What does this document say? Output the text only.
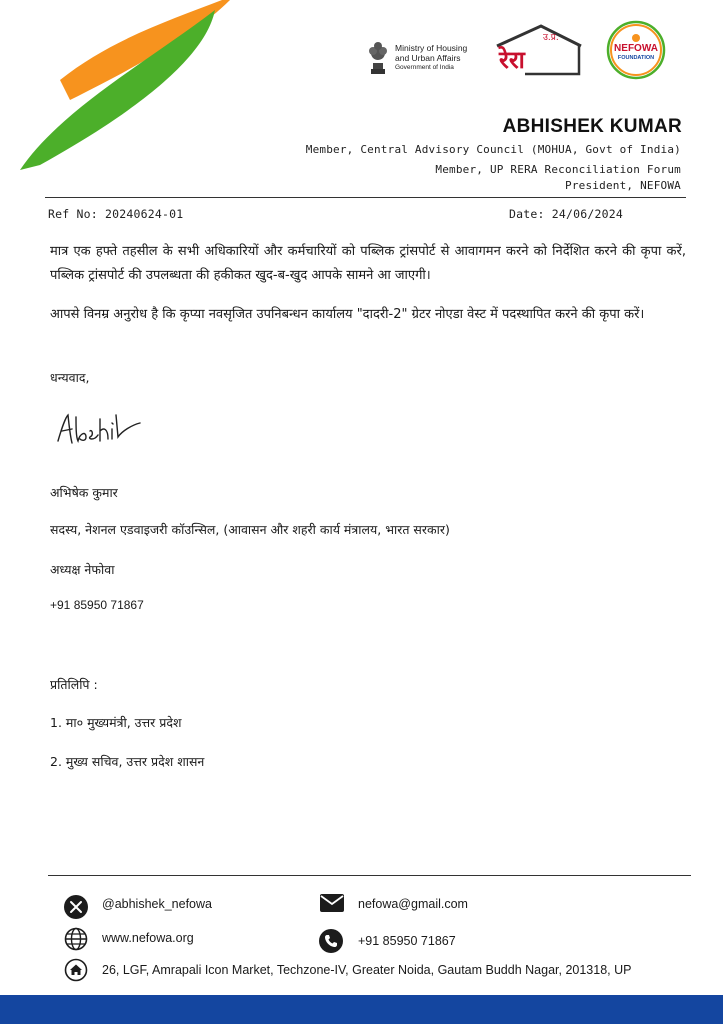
Ministry of Housing
and Urban Affairs
Government of India	रेरा
उ.प्र.
NEFOWA
FOUNDATION
ABHISHEK KUMAR
Member, Central Advisory Council (MOHUA, Govt of India)
Member, UP RERA Reconciliation Forum
President, NEFOWA
Ref No: 20240624-01	Date: 24/06/2024
मात्र एक हफ्ते तहसील के सभी अधिकारियों और कर्मचारियों को पब्लिक ट्रांसपोर्ट से आवागमन करने को निर्देशित करने की कृपा करें, पब्लिक ट्रांसपोर्ट की उपलब्धता की हकीकत खुद-ब-खुद आपके सामने आ जाएगी।
आपसे विनम्र अनुरोध है कि कृप्या नवसृजित उपनिबन्धन कार्यालय "दादरी-2" ग्रेटर नोएडा वेस्ट में पदस्थापित करने की कृपा करें।
धन्यवाद,
अभिषेक कुमार
सदस्य, नेशनल एडवाइजरी कॉउन्सिल, (आवासन और शहरी कार्य मंत्रालय, भारत सरकार)
अध्यक्ष नेफोवा
+91 85950 71867
प्रतिलिपि :
1. मा० मुख्यमंत्री, उत्तर प्रदेश
2. मुख्य सचिव, उत्तर प्रदेश शासन
@abhishek_nefowa	nefowa@gmail.com
www.nefowa.org	+91 85950 71867
26, LGF, Amrapali Icon Market, Techzone-IV, Greater Noida, Gautam Buddh Nagar, 201318, UP
